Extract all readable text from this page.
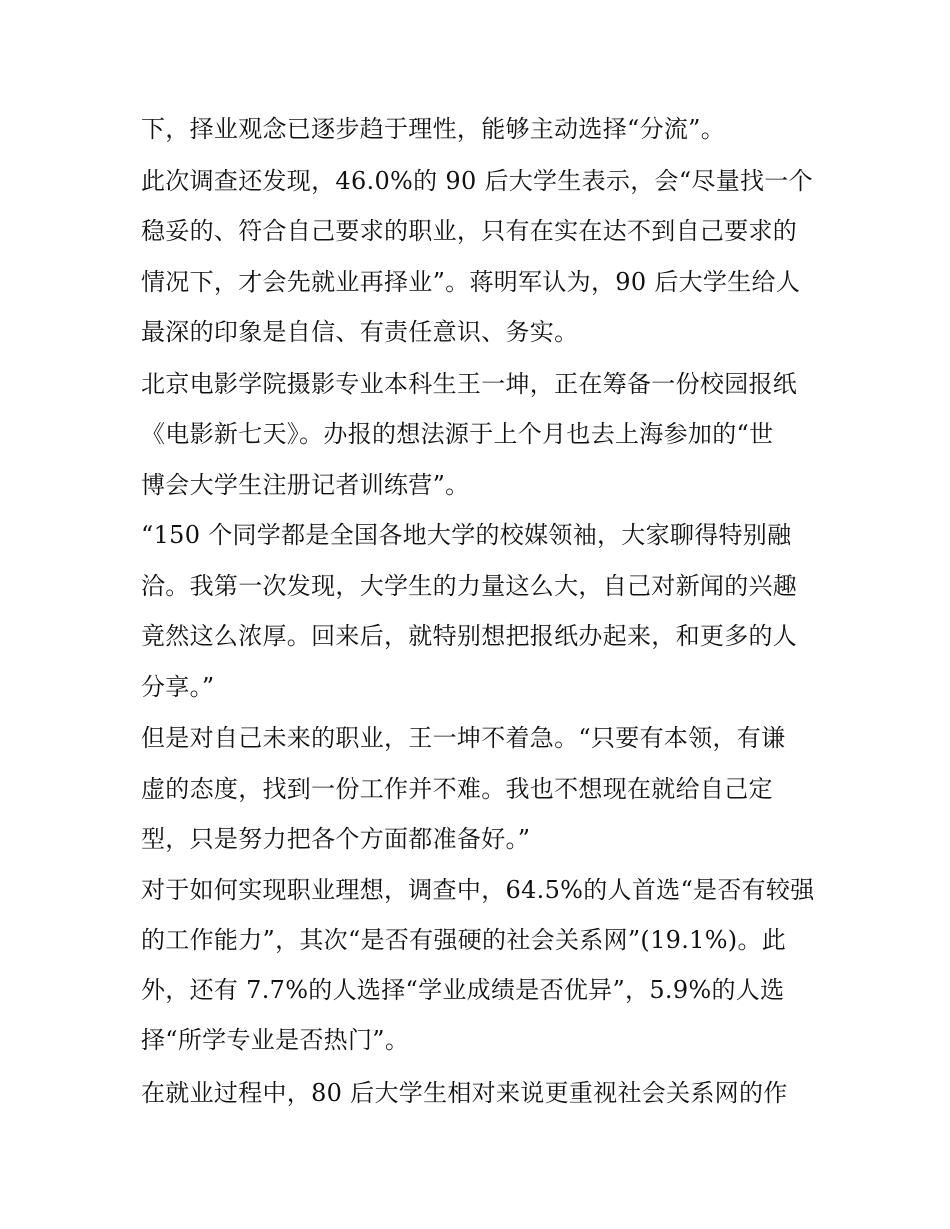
下，择业观念已逐步趋于理性，能够主动选择“分流”。
此次调查还发现，46.0%的 90 后大学生表示，会“尽量找一个
稳妥的、符合自己要求的职业，只有在实在达不到自己要求的
情况下，才会先就业再择业”。蒋明军认为，90 后大学生给人
最深的印象是自信、有责任意识、务实。
北京电影学院摄影专业本科生王一坤，正在筹备一份校园报纸
《电影新七天》。办报的想法源于上个月也去上海参加的“世
博会大学生注册记者训练营”。
“150 个同学都是全国各地大学的校媒领袖，大家聊得特别融
洽。我第一次发现，大学生的力量这么大，自己对新闻的兴趣
竟然这么浓厚。回来后，就特别想把报纸办起来，和更多的人
分享。”
但是对自己未来的职业，王一坤不着急。“只要有本领，有谦
虚的态度，找到一份工作并不难。我也不想现在就给自己定
型，只是努力把各个方面都准备好。”
对于如何实现职业理想，调查中，64.5%的人首选“是否有较强
的工作能力”，其次“是否有强硬的社会关系网”(19.1%)。此
外，还有 7.7%的人选择“学业成绩是否优异”，5.9%的人选
择“所学专业是否热门”。
在就业过程中，80 后大学生相对来说更重视社会关系网的作
